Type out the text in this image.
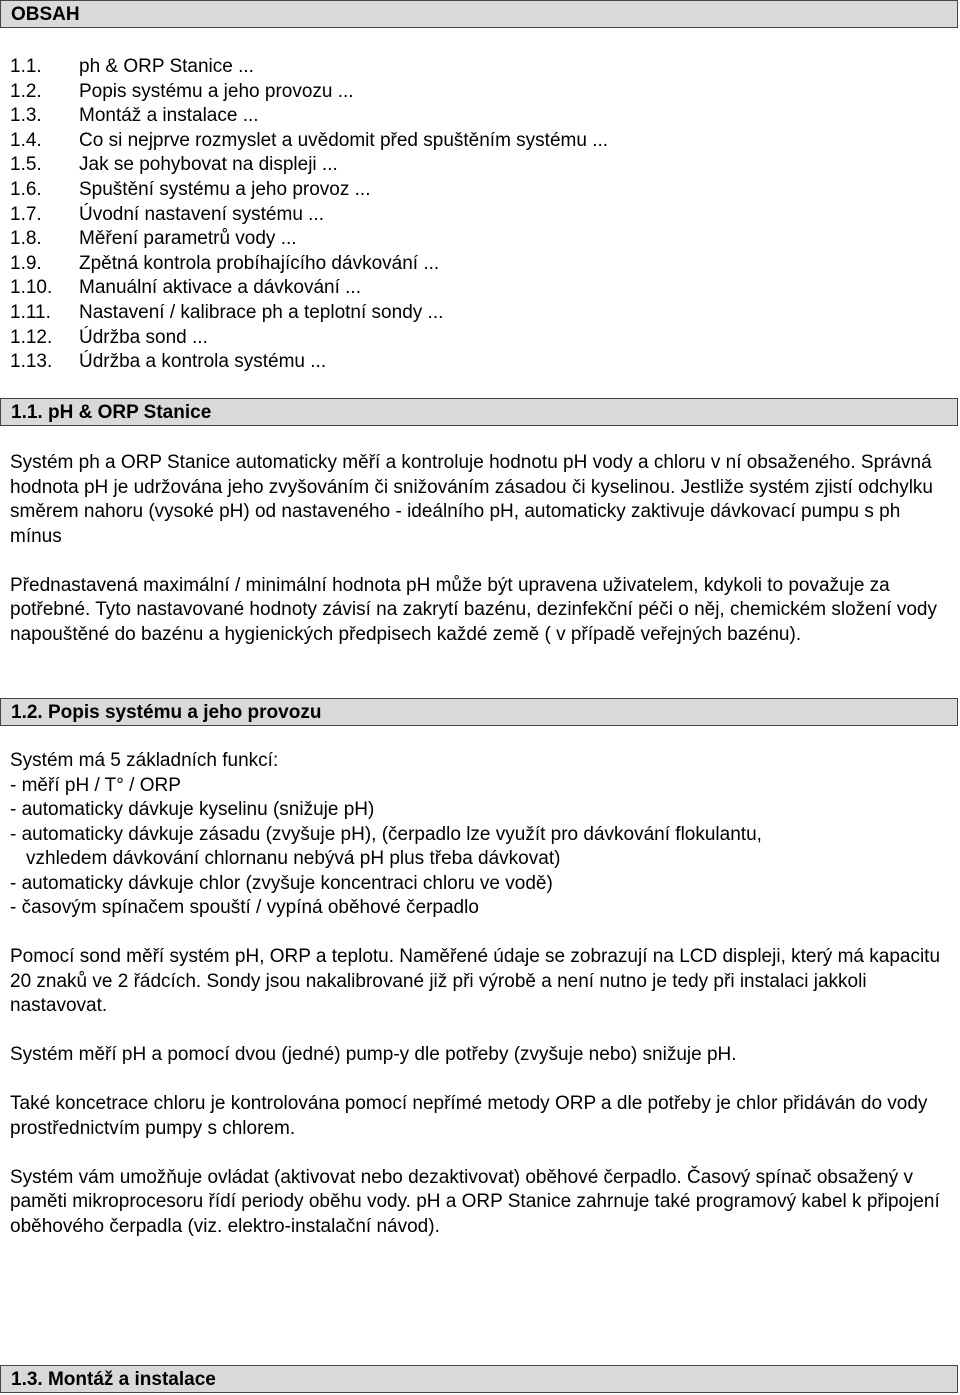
OBSAH
1.1.	ph & ORP Stanice ...
1.2.	Popis systému a jeho provozu ...
1.3.	Montáž a instalace ...
1.4.	Co si nejprve rozmyslet a uvědomit před spuštěním systému ...
1.5.	Jak se pohybovat na displeji ...
1.6.	Spuštění systému a jeho provoz ...
1.7.	Úvodní nastavení systému ...
1.8.	Měření parametrů vody ...
1.9.	Zpětná kontrola probíhajícího dávkování ...
1.10.	Manuální aktivace a dávkování ...
1.11.	Nastavení / kalibrace ph a teplotní sondy ...
1.12.	Údržba sond ...
1.13.	Údržba a kontrola systému ...
1.1. pH & ORP Stanice

Systém ph a ORP Stanice automaticky měří a kontroluje hodnotu pH vody a chloru v ní obsaženého. Správná hodnota pH je udržována jeho zvyšováním či snižováním zásadou či kyselinou. Jestliže systém zjistí odchylku směrem nahoru (vysoké pH) od nastaveného - ideálního pH, automaticky zaktivuje dávkovací pumpu s ph mínus

Přednastavená maximální / minimální hodnota pH může být upravena uživatelem, kdykoli to považuje za potřebné. Tyto nastavované hodnoty závisí na zakrytí bazénu, dezinfekční péči o něj, chemickém složení vody napouštěné do bazénu a hygienických předpisech každé země ( v případě veřejných bazénu).

1.2. Popis systému a jeho provozu
Systém má 5 základních funkcí:
- měří pH / T° / ORP
- automaticky dávkuje kyselinu (snižuje pH)
- automaticky dávkuje zásadu (zvyšuje pH), (čerpadlo lze využít pro dávkování flokulantu,
vzhledem dávkování chlornanu nebývá pH plus třeba dávkovat)
- automaticky dávkuje chlor (zvyšuje koncentraci chloru ve vodě)
- časovým spínačem spouští / vypíná oběhové čerpadlo

Pomocí sond měří systém pH, ORP a teplotu. Naměřené údaje se zobrazují na LCD displeji, který má kapacitu 20 znaků ve 2 řádcích. Sondy jsou nakalibrované již při výrobě a není nutno je tedy při instalaci jakkoli nastavovat.

Systém měří pH a pomocí dvou (jedné) pump-y dle potřeby (zvyšuje nebo) snižuje pH.

Také koncetrace chloru je kontrolována pomocí nepřímé metody ORP a dle potřeby je chlor přidáván do vody prostřednictvím pumpy s chlorem.

Systém vám umožňuje ovládat (aktivovat nebo dezaktivovat) oběhové čerpadlo. Časový spínač obsažený v paměti mikroprocesoru řídí periody oběhu vody. pH a ORP Stanice zahrnuje také programový kabel k připojení oběhového čerpadla (viz. elektro-instalační návod).

1.3. Montáž a instalace
